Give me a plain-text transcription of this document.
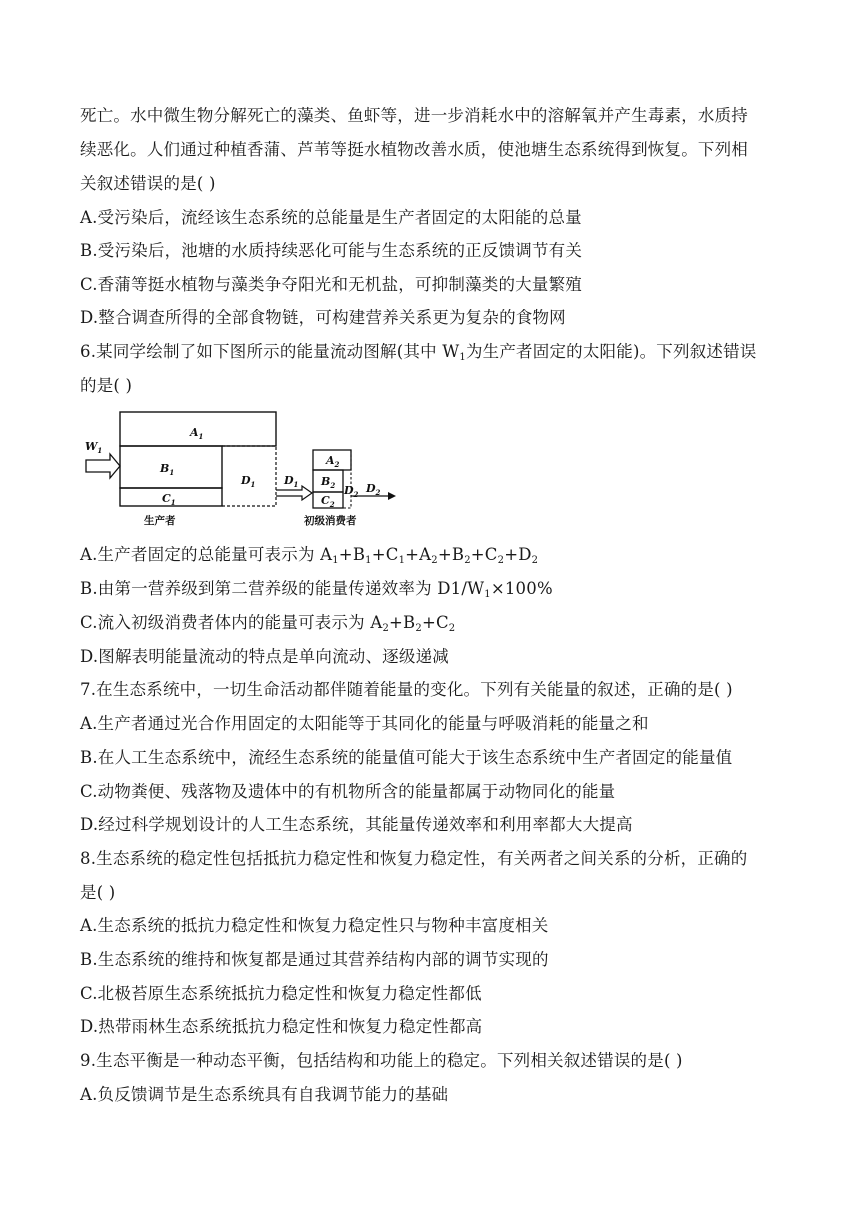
死亡。水中微生物分解死亡的藻类、鱼虾等，进一步消耗水中的溶解氧并产生毒素，水质持
续恶化。人们通过种植香蒲、芦苇等挺水植物改善水质，使池塘生态系统得到恢复。下列相
关叙述错误的是( )
A.受污染后，流经该生态系统的总能量是生产者固定的太阳能的总量
B.受污染后，池塘的水质持续恶化可能与生态系统的正反馈调节有关
C.香蒲等挺水植物与藻类争夺阳光和无机盐，可抑制藻类的大量繁殖
D.整合调查所得的全部食物链，可构建营养关系更为复杂的食物网
6.某同学绘制了如下图所示的能量流动图解(其中 $W_1$为生产者固定的太阳能)。下列叙述错误
的是( )
$W_1$
$A_1$
$B_1$
$C_1$
$D_1$	$D_1$
$A_2$
$B_2$
$C_2$
$D_2$ $D_2$
生产者	初级消费者
A.生产者固定的总能量可表示为 $A_1+B_1+C_1+A_2+B_2+C_2+D_2$
B.由第一营养级到第二营养级的能量传递效率为 $D1/W_1\times 100\%$
C.流入初级消费者体内的能量可表示为 $A_2+B_2+C_2$
D.图解表明能量流动的特点是单向流动、逐级递减
7.在生态系统中，一切生命活动都伴随着能量的变化。下列有关能量的叙述，正确的是( )
A.生产者通过光合作用固定的太阳能等于其同化的能量与呼吸消耗的能量之和
B.在人工生态系统中，流经生态系统的能量值可能大于该生态系统中生产者固定的能量值
C.动物粪便、残落物及遗体中的有机物所含的能量都属于动物同化的能量
D.经过科学规划设计的人工生态系统，其能量传递效率和利用率都大大提高
8.生态系统的稳定性包括抵抗力稳定性和恢复力稳定性，有关两者之间关系的分析，正确的
是( )
A.生态系统的抵抗力稳定性和恢复力稳定性只与物种丰富度相关
B.生态系统的维持和恢复都是通过其营养结构内部的调节实现的
C.北极苔原生态系统抵抗力稳定性和恢复力稳定性都低
D.热带雨林生态系统抵抗力稳定性和恢复力稳定性都高
9.生态平衡是一种动态平衡，包括结构和功能上的稳定。下列相关叙述错误的是( )
A.负反馈调节是生态系统具有自我调节能力的基础
